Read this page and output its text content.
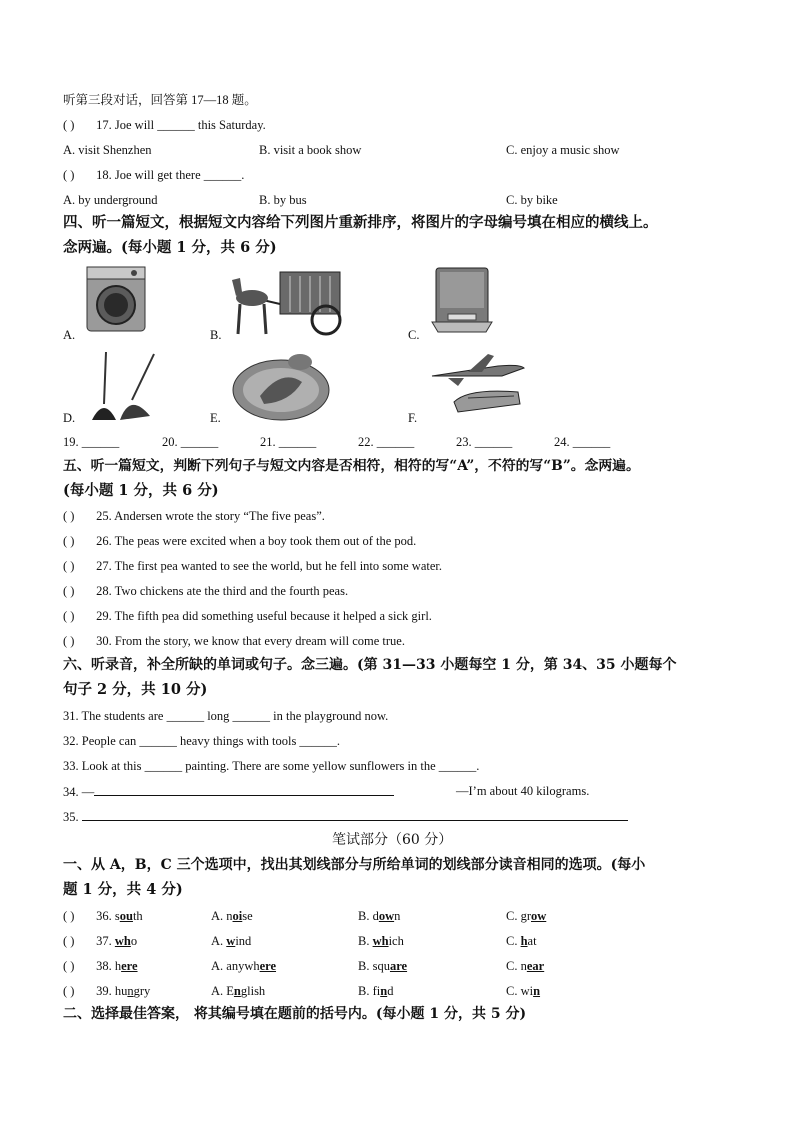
听第三段对话，回答第 17—18 题。
( ) 17. Joe will ______ this Saturday.
A. visit Shenzhen	B. visit a book show	C. enjoy a music show
( ) 18. Joe will get there ______.
A. by underground	B. by bus	C. by bike
四、听一篇短文，根据短文内容给下列图片重新排序，将图片的字母编号填在相应的横线上。
念两遍。(每小题 1 分，共 6 分)
A.	B.	C.
D.	E.	F.
19. ______	20. ______	21. ______	22. ______	23. ______	24. ______
五、听一篇短文，判断下列句子与短文内容是否相符，相符的写“A”，不符的写“B”。念两遍。
(每小题 1 分，共 6 分)
( ) 25. Andersen wrote the story “The five peas”.
( ) 26. The peas were excited when a boy took them out of the pod.
( ) 27. The first pea wanted to see the world, but he fell into some water.
( ) 28. Two chickens ate the third and the fourth peas.
( ) 29. The fifth pea did something useful because it helped a sick girl.
( ) 30. From the story, we know that every dream will come true.
六、听录音，补全所缺的单词或句子。念三遍。(第 31—33 小题每空 1 分，第 34、35 小题每个
句子 2 分，共 10 分)
31. The students are ______ long ______ in the playground now.
32. People can ______ heavy things with tools ______.
33. Look at this ______ painting. There are some yellow sunflowers in the ______.
34. —	—I’m about 40 kilograms.
35.
笔试部分（60 分）
一、从 A，B，C 三个选项中，找出其划线部分与所给单词的划线部分读音相同的选项。(每小
题 1 分，共 4 分)
( ) 36. south	A. noise	B. down	C. grow
( ) 37. who	A. wind	B. which	C. hat
( ) 38. here	A. anywhere	B. square	C. near
( ) 39. hungry	A. English	B. find	C. win
二、选择最佳答案， 将其编号填在题前的括号内。(每小题 1 分，共 5 分)
